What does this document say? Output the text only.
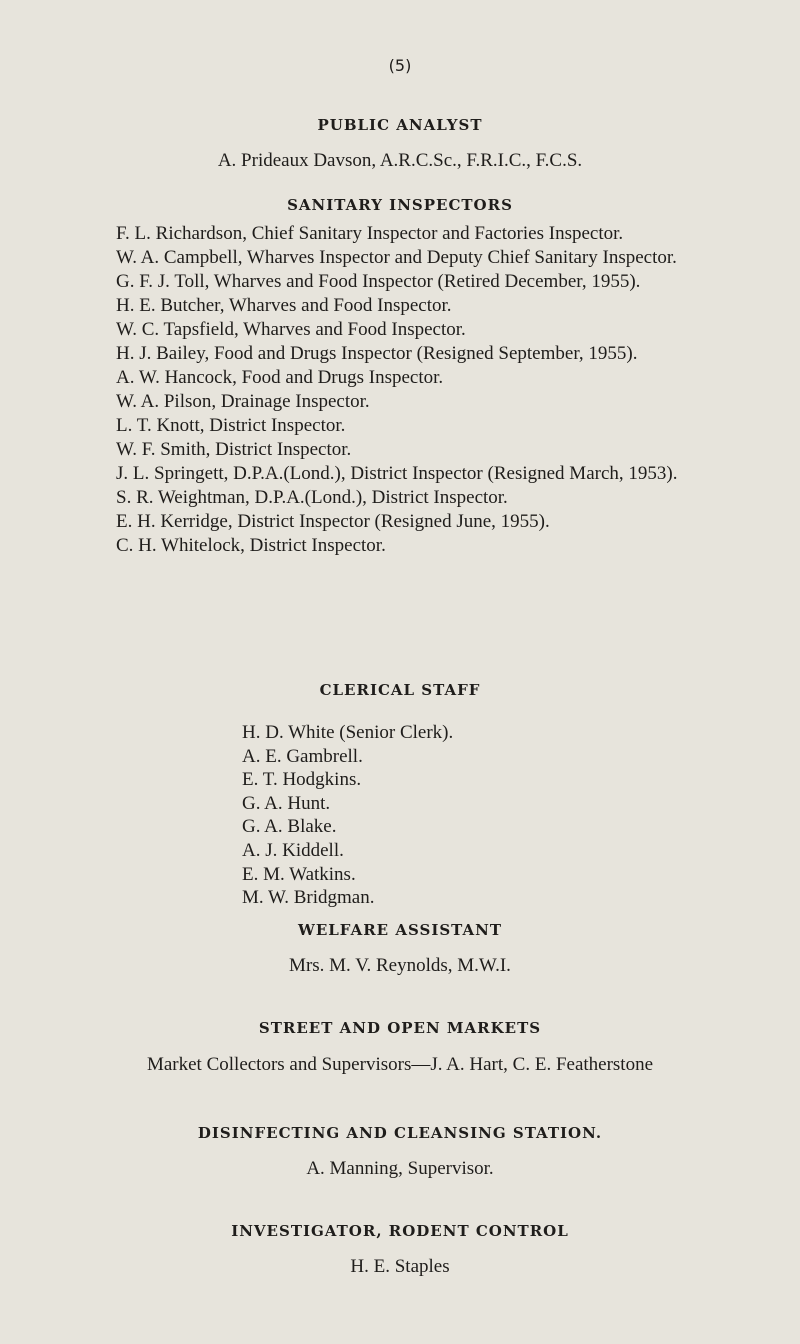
(5)
PUBLIC ANALYST
A. Prideaux Davson, A.R.C.Sc., F.R.I.C., F.C.S.
SANITARY INSPECTORS
F. L. Richardson, Chief Sanitary Inspector and Factories Inspector.
W. A. Campbell, Wharves Inspector and Deputy Chief Sanitary Inspector.
G. F. J. Toll, Wharves and Food Inspector (Retired December, 1955).
H. E. Butcher, Wharves and Food Inspector.
W. C. Tapsfield, Wharves and Food Inspector.
H. J. Bailey, Food and Drugs Inspector (Resigned September, 1955).
A. W. Hancock, Food and Drugs Inspector.
W. A. Pilson, Drainage Inspector.
L. T. Knott, District Inspector.
W. F. Smith, District Inspector.
J. L. Springett, D.P.A.(Lond.), District Inspector (Resigned March, 1953).
S. R. Weightman, D.P.A.(Lond.), District Inspector.
E. H. Kerridge, District Inspector (Resigned June, 1955).
C. H. Whitelock, District Inspector.
CLERICAL STAFF
H. D. White (Senior Clerk).
A. E. Gambrell.
E. T. Hodgkins.
G. A. Hunt.
G. A. Blake.
A. J. Kiddell.
E. M. Watkins.
M. W. Bridgman.
WELFARE ASSISTANT
Mrs. M. V. Reynolds, M.W.I.
STREET AND OPEN MARKETS
Market Collectors and Supervisors—J. A. Hart, C. E. Featherstone
DISINFECTING AND CLEANSING STATION.
A. Manning, Supervisor.
INVESTIGATOR, RODENT CONTROL
H. E. Staples
